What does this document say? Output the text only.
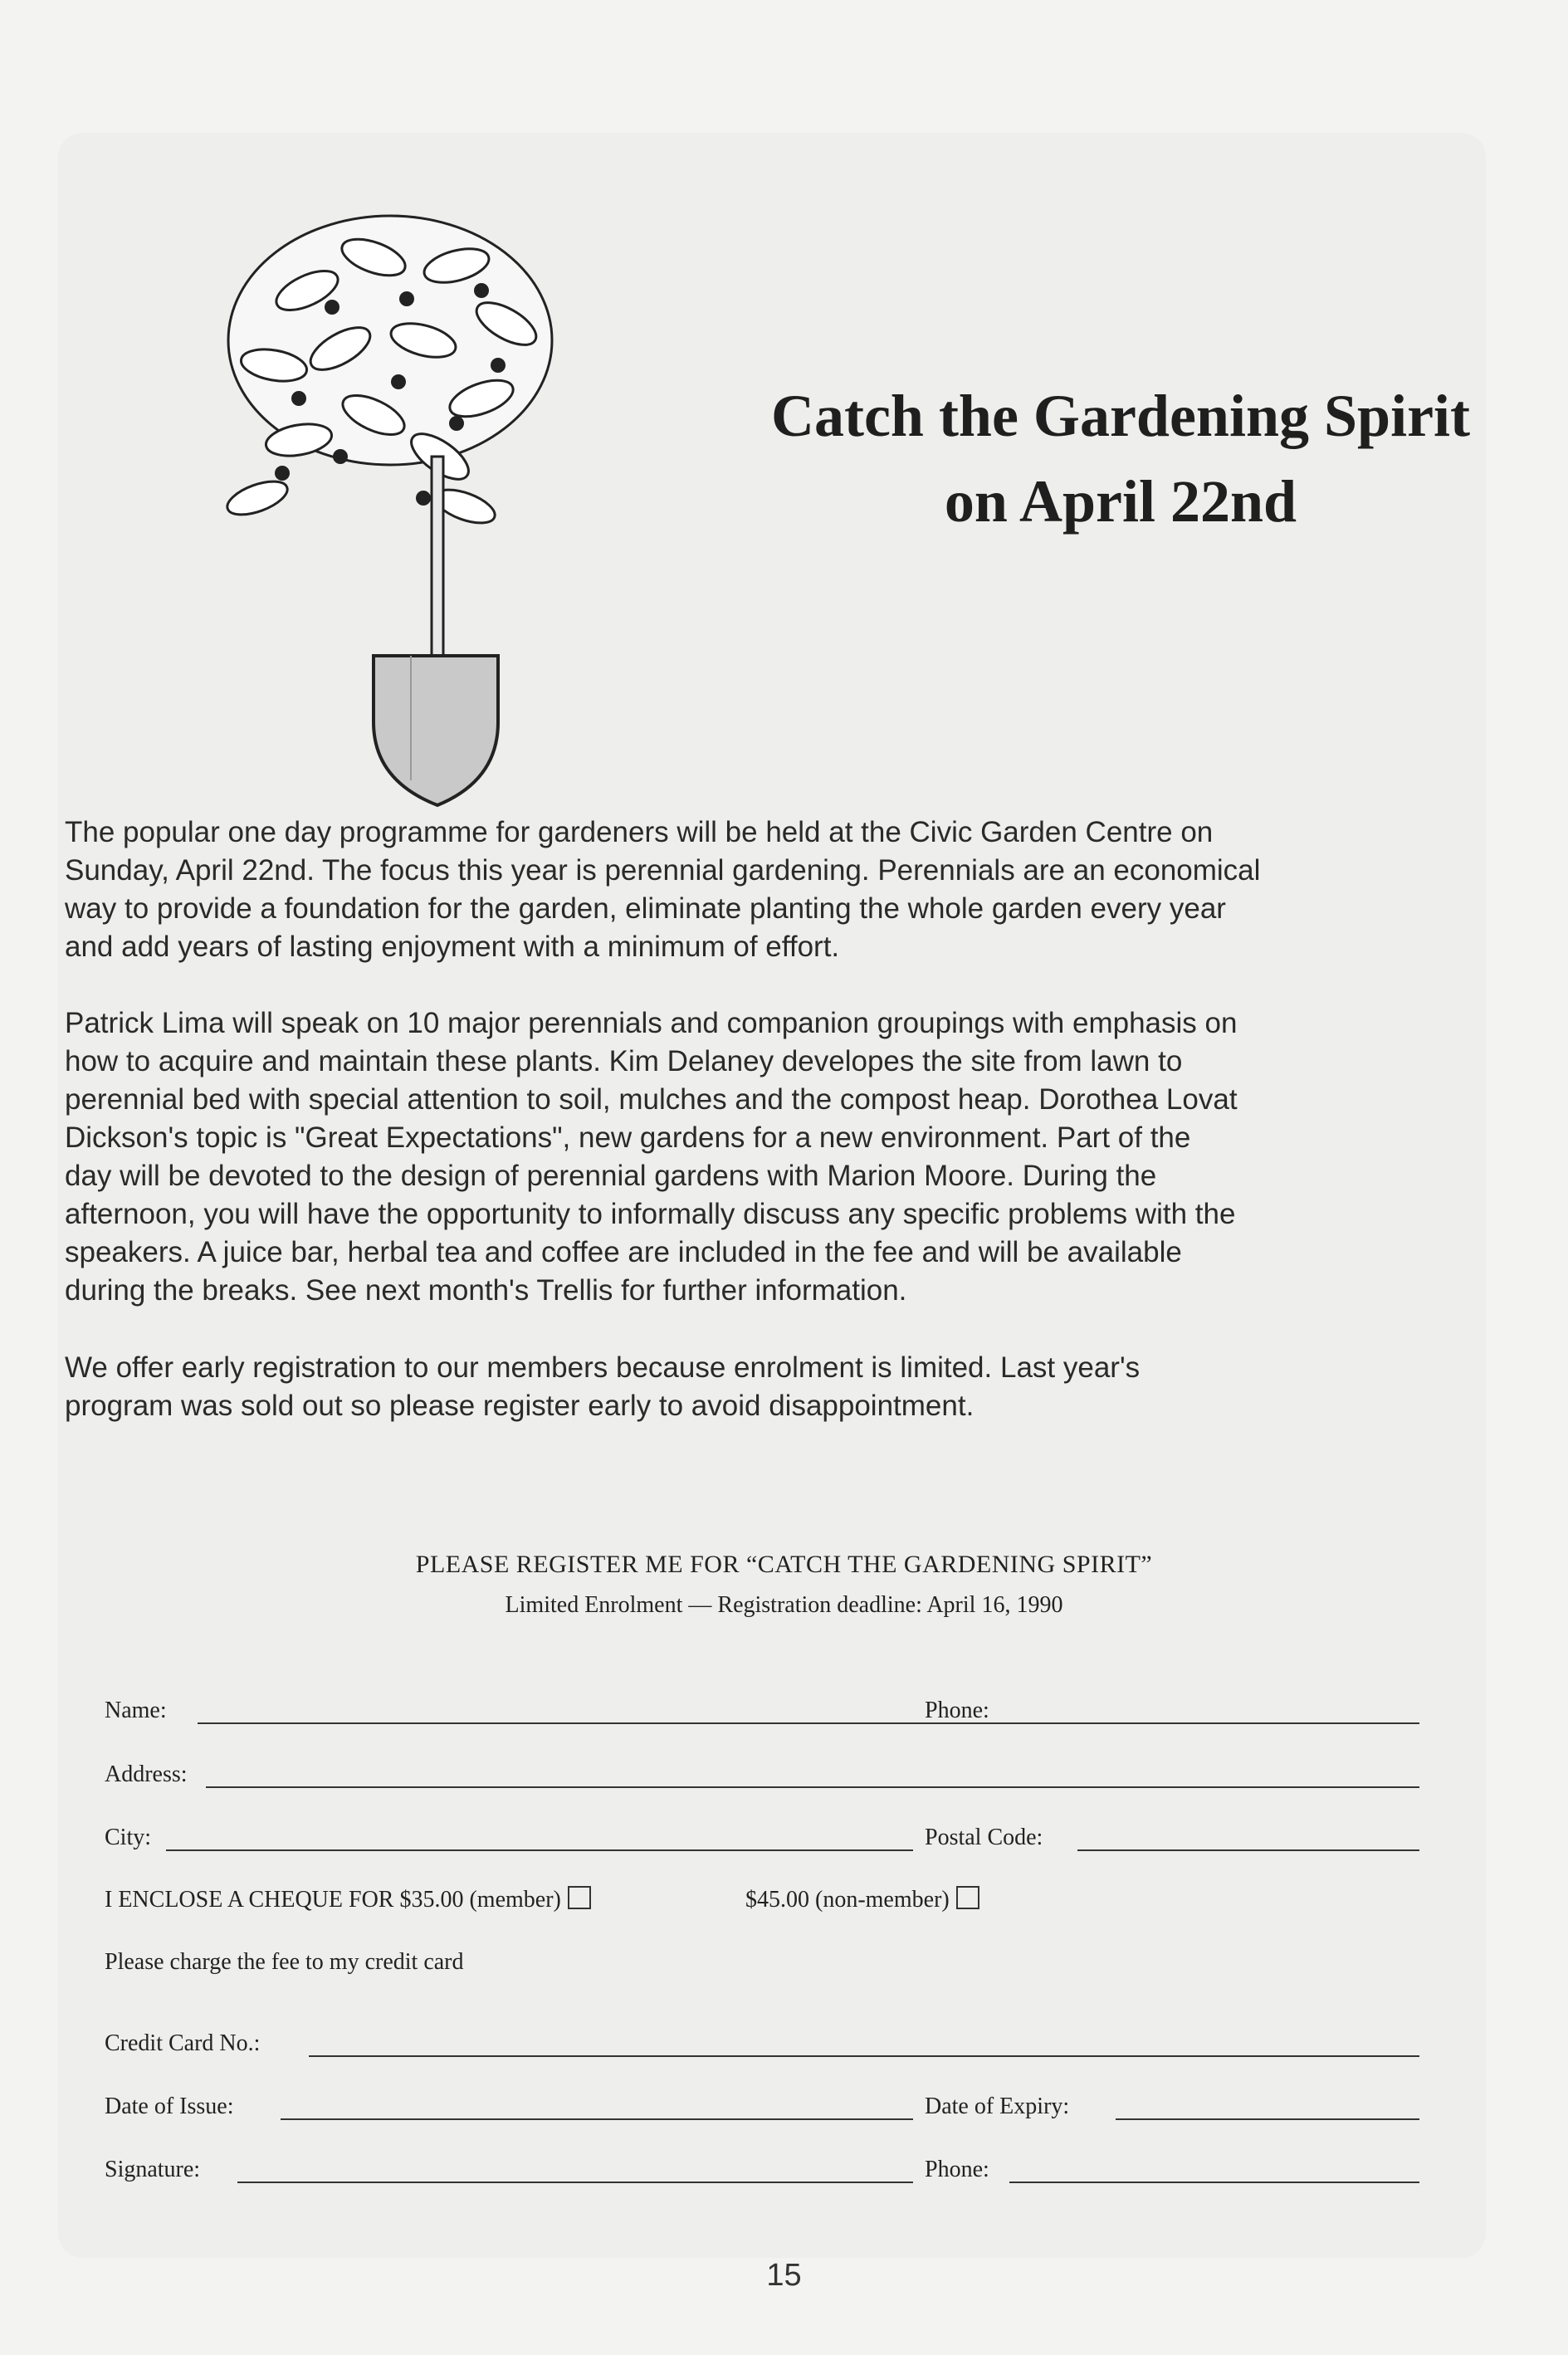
Catch the Gardening Spirit
on April 22nd
The popular one day programme for gardeners will be held at the Civic Garden Centre on
Sunday, April 22nd. The focus this year is perennial gardening. Perennials are an economical
way to provide a foundation for the garden, eliminate planting the whole garden every year
and add years of lasting enjoyment with a minimum of effort.
Patrick Lima will speak on 10 major perennials and companion groupings with emphasis on
how to acquire and maintain these plants. Kim Delaney developes the site from lawn to
perennial bed with special attention to soil, mulches and the compost heap. Dorothea Lovat
Dickson's topic is "Great Expectations", new gardens for a new environment. Part of the
day will be devoted to the design of perennial gardens with Marion Moore. During the
afternoon, you will have the opportunity to informally discuss any specific problems with the
speakers. A juice bar, herbal tea and coffee are included in the fee and will be available
during the breaks. See next month's Trellis for further information.
We offer early registration to our members because enrolment is limited. Last year's
program was sold out so please register early to avoid disappointment.
PLEASE REGISTER ME FOR “CATCH THE GARDENING SPIRIT”
Limited Enrolment — Registration deadline: April 16, 1990
Name:	Phone:
Address:
City:	Postal Code:
I ENCLOSE A CHEQUE FOR $35.00 (member)	$45.00 (non-member)
Please charge the fee to my credit card
Credit Card No.:
Date of Issue:	Date of Expiry:
Signature:	Phone:
15
